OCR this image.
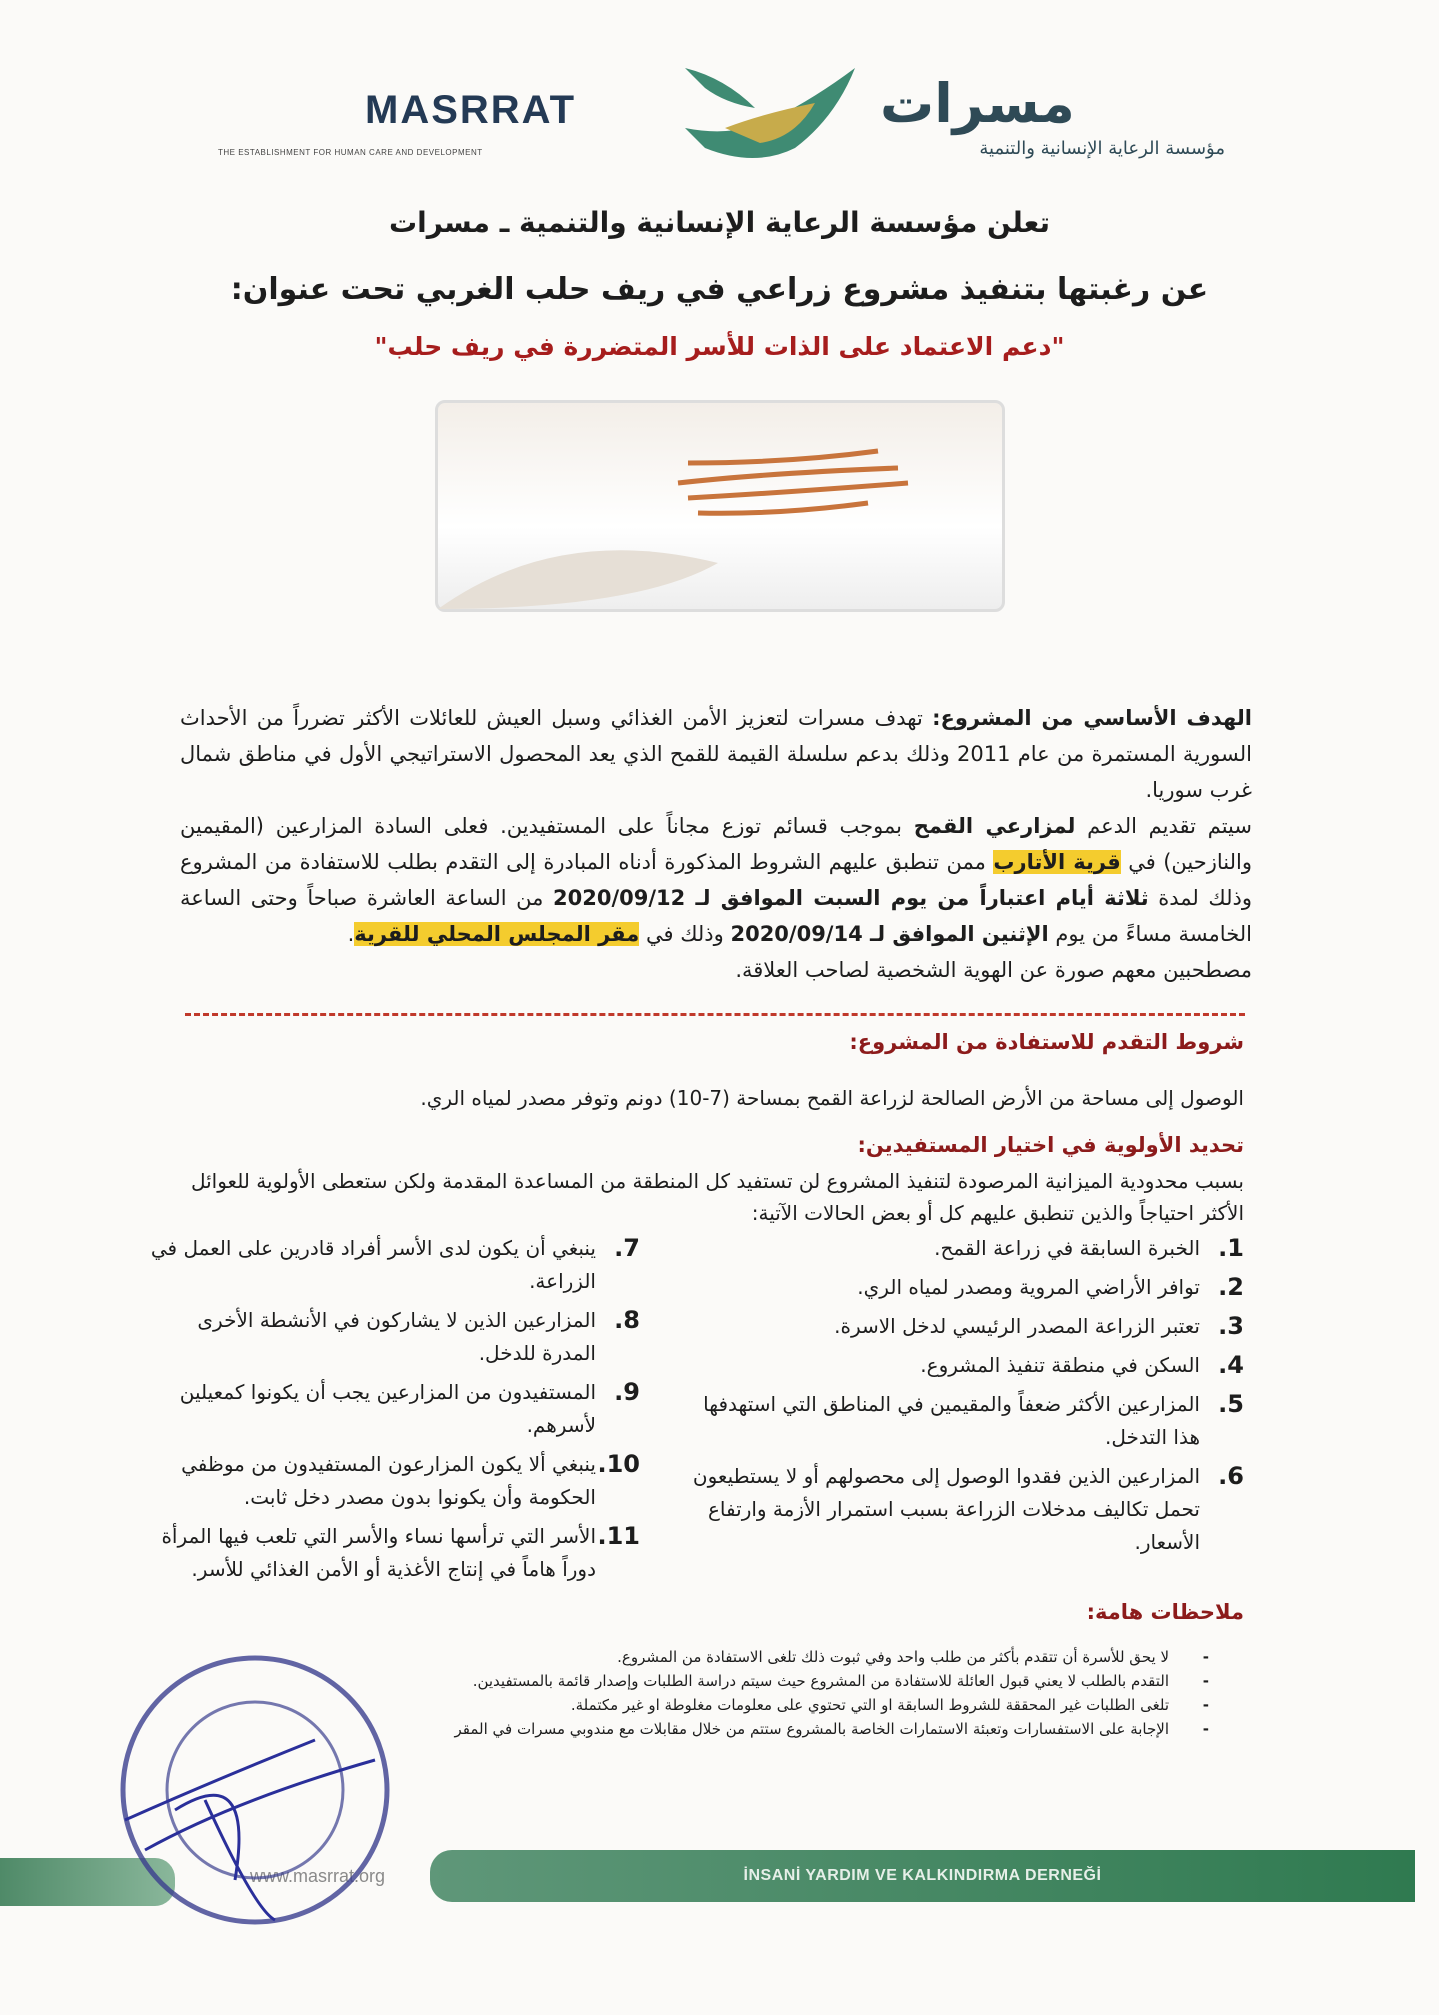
MASRRAT
THE ESTABLISHMENT FOR HUMAN CARE AND DEVELOPMENT
مسرات
مؤسسة الرعاية الإنسانية والتنمية
تعلن مؤسسة الرعاية الإنسانية والتنمية ـ مسرات
عن رغبتها بتنفيذ مشروع زراعي في ريف حلب الغربي تحت عنوان:
"دعم الاعتماد على الذات للأسر المتضررة في ريف حلب"
الهدف الأساسي من المشروع: تهدف مسرات لتعزيز الأمن الغذائي وسبل العيش للعائلات الأكثر تضرراً من الأحداث السورية المستمرة من عام 2011 وذلك بدعم سلسلة القيمة للقمح الذي يعد المحصول الاستراتيجي الأول في مناطق شمال غرب سوريا.
سيتم تقديم الدعم لمزارعي القمح بموجب قسائم توزع مجاناً على المستفيدين. فعلى السادة المزارعين (المقيمين والنازحين) في قرية الأتارب ممن تنطبق عليهم الشروط المذكورة أدناه المبادرة إلى التقدم بطلب للاستفادة من المشروع وذلك لمدة ثلاثة أيام اعتباراً من يوم السبت الموافق لـ 2020/09/12 من الساعة العاشرة صباحاً وحتى الساعة الخامسة مساءً من يوم الإثنين الموافق لـ 2020/09/14 وذلك في مقر المجلس المحلي للقرية.
مصطحبين معهم صورة عن الهوية الشخصية لصاحب العلاقة.
شروط التقدم للاستفادة من المشروع:
الوصول إلى مساحة من الأرض الصالحة لزراعة القمح بمساحة (7-10) دونم وتوفر مصدر لمياه الري.
تحديد الأولوية في اختيار المستفيدين:
بسبب محدودية الميزانية المرصودة لتنفيذ المشروع لن تستفيد كل المنطقة من المساعدة المقدمة ولكن ستعطى الأولوية للعوائل الأكثر احتياجاً والذين تنطبق عليهم كل أو بعض الحالات الآتية:
1.
الخبرة السابقة في زراعة القمح.
2.
توافر الأراضي المروية ومصدر لمياه الري.
3.
تعتبر الزراعة المصدر الرئيسي لدخل الاسرة.
4.
السكن في منطقة تنفيذ المشروع.
5.
المزارعين الأكثر ضعفاً والمقيمين في المناطق التي استهدفها هذا التدخل.
6.
المزارعين الذين فقدوا الوصول إلى محصولهم أو لا يستطيعون تحمل تكاليف مدخلات الزراعة بسبب استمرار الأزمة وارتفاع الأسعار.
7.
ينبغي أن يكون لدى الأسر أفراد قادرين على العمل في الزراعة.
8.
المزارعين الذين لا يشاركون في الأنشطة الأخرى المدرة للدخل.
9.
المستفيدون من المزارعين يجب أن يكونوا كمعيلين لأسرهم.
10.
ينبغي ألا يكون المزارعون المستفيدون من موظفي الحكومة وأن يكونوا بدون مصدر دخل ثابت.
11.
الأسر التي ترأسها نساء والأسر التي تلعب فيها المرأة دوراً هاماً في إنتاج الأغذية أو الأمن الغذائي للأسر.
ملاحظات هامة:
- لا يحق للأسرة أن تتقدم بأكثر من طلب واحد وفي ثبوت ذلك تلغى الاستفادة من المشروع.
- التقدم بالطلب لا يعني قبول العائلة للاستفادة من المشروع حيث سيتم دراسة الطلبات وإصدار قائمة بالمستفيدين.
- تلغى الطلبات غير المحققة للشروط السابقة او التي تحتوي على معلومات مغلوطة او غير مكتملة.
- الإجابة على الاستفسارات وتعبئة الاستمارات الخاصة بالمشروع ستتم من خلال مقابلات مع مندوبي مسرات في المقر
www.masrrat.org	İNSANİ YARDIM VE KALKINDIRMA DERNEĞİ
